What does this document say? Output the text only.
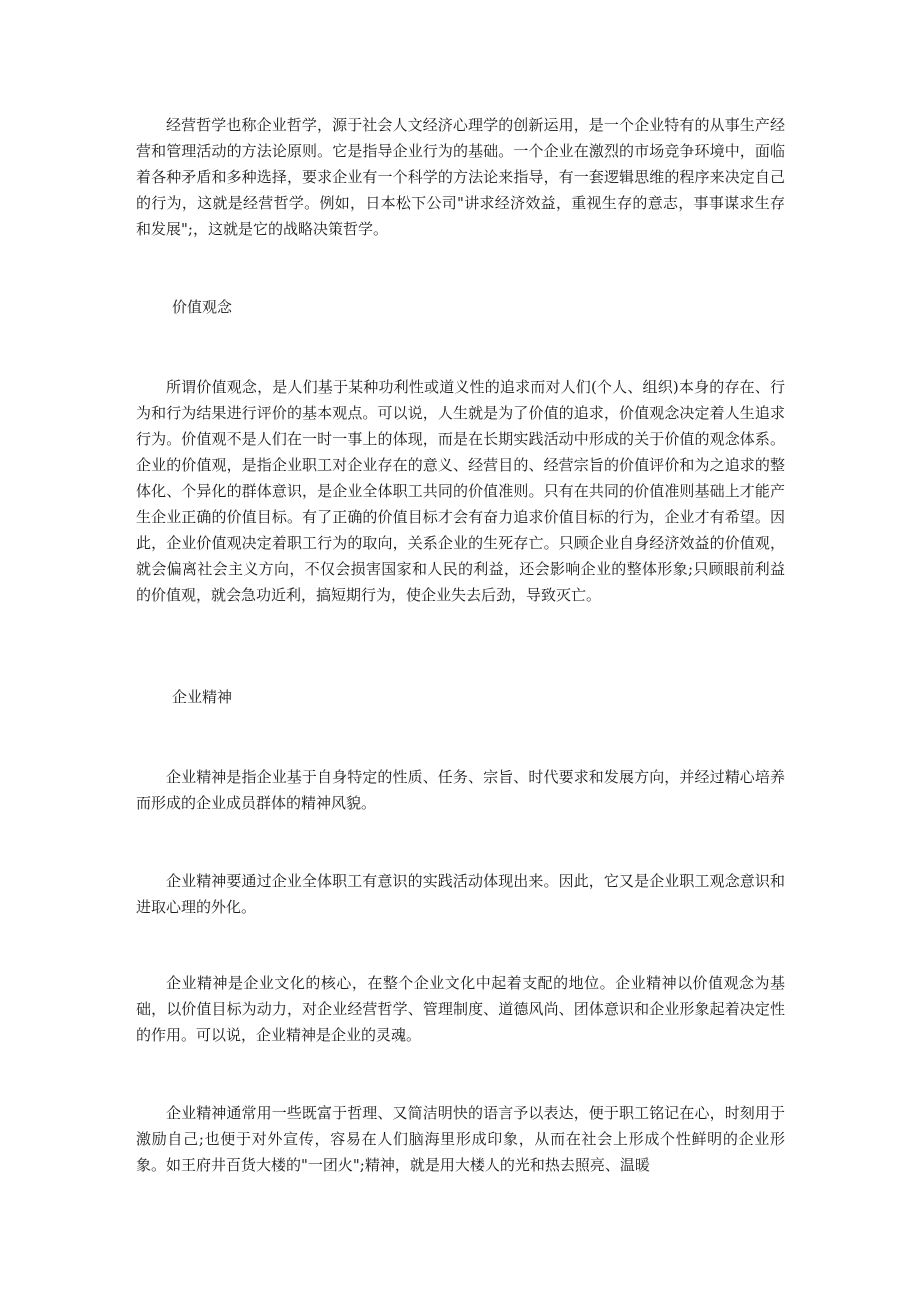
经营哲学也称企业哲学，源于社会人文经济心理学的创新运用，是一个企业特有的从事生产经营和管理活动的方法论原则。它是指导企业行为的基础。一个企业在激烈的市场竞争环境中，面临着各种矛盾和多种选择，要求企业有一个科学的方法论来指导，有一套逻辑思维的程序来决定自己的行为，这就是经营哲学。例如，日本松下公司"讲求经济效益，重视生存的意志，事事谋求生存和发展";，这就是它的战略决策哲学。

价值观念

所谓价值观念，是人们基于某种功利性或道义性的追求而对人们(个人、组织)本身的存在、行为和行为结果进行评价的基本观点。可以说，人生就是为了价值的追求，价值观念决定着人生追求行为。价值观不是人们在一时一事上的体现，而是在长期实践活动中形成的关于价值的观念体系。企业的价值观，是指企业职工对企业存在的意义、经营目的、经营宗旨的价值评价和为之追求的整体化、个异化的群体意识，是企业全体职工共同的价值准则。只有在共同的价值准则基础上才能产生企业正确的价值目标。有了正确的价值目标才会有奋力追求价值目标的行为，企业才有希望。因此，企业价值观决定着职工行为的取向，关系企业的生死存亡。只顾企业自身经济效益的价值观，就会偏离社会主义方向，不仅会损害国家和人民的利益，还会影响企业的整体形象;只顾眼前利益的价值观，就会急功近利，搞短期行为，使企业失去后劲，导致灭亡。

企业精神

企业精神是指企业基于自身特定的性质、任务、宗旨、时代要求和发展方向，并经过精心培养而形成的企业成员群体的精神风貌。

企业精神要通过企业全体职工有意识的实践活动体现出来。因此，它又是企业职工观念意识和进取心理的外化。

企业精神是企业文化的核心，在整个企业文化中起着支配的地位。企业精神以价值观念为基础，以价值目标为动力，对企业经营哲学、管理制度、道德风尚、团体意识和企业形象起着决定性的作用。可以说，企业精神是企业的灵魂。

企业精神通常用一些既富于哲理、又简洁明快的语言予以表达，便于职工铭记在心，时刻用于激励自己;也便于对外宣传，容易在人们脑海里形成印象，从而在社会上形成个性鲜明的企业形象。如王府井百货大楼的"一团火";精神，就是用大楼人的光和热去照亮、温暖
